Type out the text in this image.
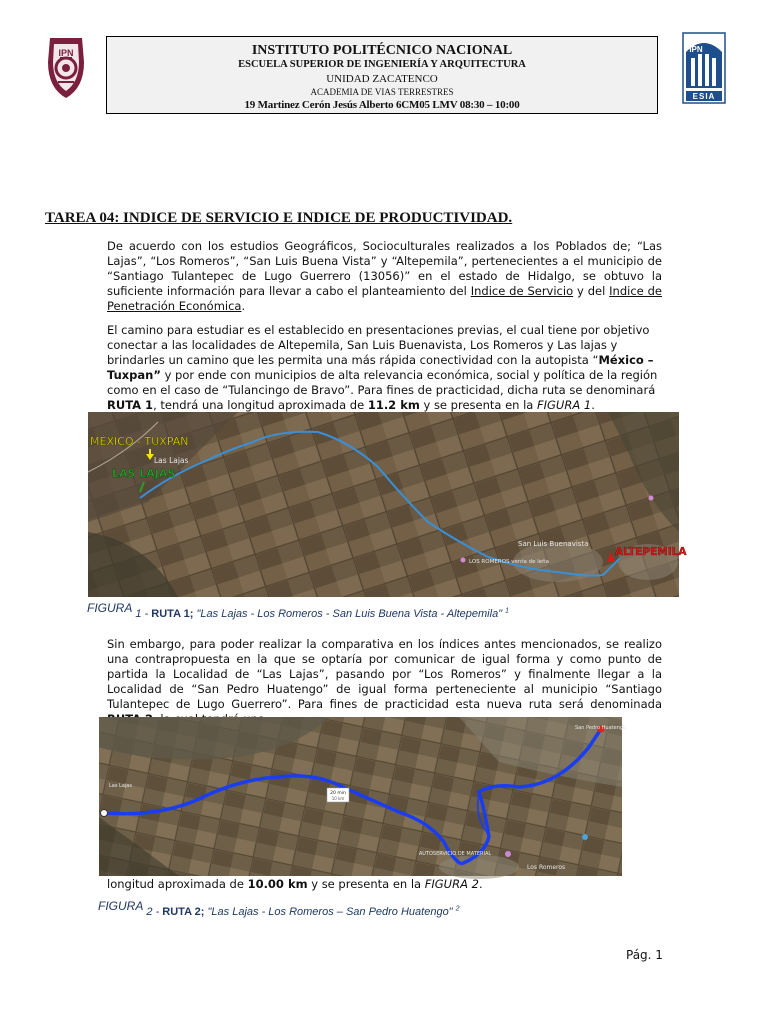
IPN	INSTITUTO POLITÉCNICO NACIONAL
ESCUELA SUPERIOR DE INGENIERÍA Y ARQUITECTURA
UNIDAD ZACATENCO
ACADEMIA DE VIAS TERRESTRES
19 Martinez Cerón Jesús Alberto 6CM05 LMV 08:30 – 10:00
IPN
ESIA
TAREA 04: INDICE DE SERVICIO E INDICE DE PRODUCTIVIDAD.
De acuerdo con los estudios Geográficos, Socioculturales realizados a los Poblados de; “Las Lajas”, “Los Romeros”, “San Luis Buena Vista” y “Altepemila”, pertenecientes a el municipio de “Santiago Tulantepec de Lugo Guerrero (13056)” en el estado de Hidalgo, se obtuvo la suficiente información para llevar a cabo el planteamiento del Indice de Servicio y del Indice de Penetración Económica.
El camino para estudiar es el establecido en presentaciones previas, el cual tiene por objetivo conectar a las localidades de Altepemila, San Luis Buenavista, Los Romeros y Las lajas y brindarles un camino que les permita una más rápida conectividad con la autopista “México – Tuxpan” y por ende con municipios de alta relevancia económica, social y política de la región como en el caso de “Tulancingo de Bravo”. Para fines de practicidad, dicha ruta se denominará RUTA 1, tendrá una longitud aproximada de 11.2 km y se presenta en la FIGURA 1.
MÉXICO - TUXPAN
Las Lajas
LAS LAJAS
San Luis Buenavista
LOS ROMEROS venta de leña
ALTEPEMILA
FIGURA 1 - RUTA 1; "Las Lajas - Los Romeros - San Luis Buena Vista - Altepemila" $^1$
Sin embargo, para poder realizar la comparativa en los índices antes mencionados, se realizo una contrapropuesta en la que se optaría por comunicar de igual forma y como punto de partida la Localidad de “Las Lajas”, pasando por “Los Romeros” y finalmente llegar a la Localidad de “San Pedro Huatengo” de igual forma perteneciente al municipio “Santiago Tulantepec de Lugo Guerrero”. Para fines de practicidad esta nueva ruta será denominada
20 min
10 km
AUTOSERVICIO DE MATERIAL
Los Romeros
San Pedro Huatengo
Las Lajas
longitud aproximada de 10.00 km y se presenta en la FIGURA 2.
FIGURA 2 - RUTA 2; "Las Lajas - Los Romeros – San Pedro Huatengo" $^2$
Pág. 1
